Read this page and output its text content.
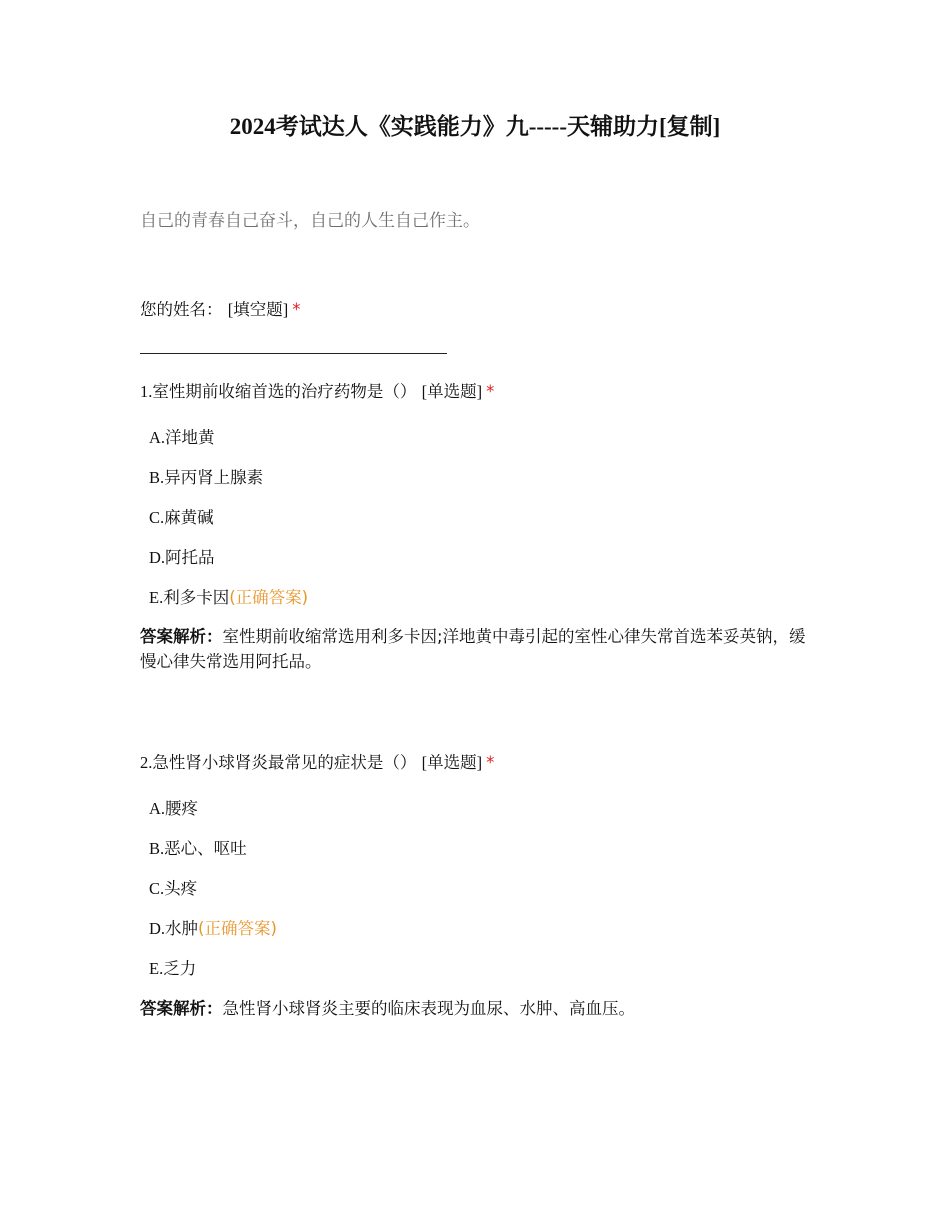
2024考试达人《实践能力》九-----天辅助力[复制]
自己的青春自己奋斗，自己的人生自己作主。
您的姓名： [填空题] *
1.室性期前收缩首选的治疗药物是（） [单选题] *
A.洋地黄
B.异丙肾上腺素
C.麻黄碱
D.阿托品
E.利多卡因(正确答案)
答案解析：室性期前收缩常选用利多卡因;洋地黄中毒引起的室性心律失常首选苯妥英钠，缓慢心律失常选用阿托品。
2.急性肾小球肾炎最常见的症状是（） [单选题] *
A.腰疼
B.恶心、呕吐
C.头疼
D.水肿(正确答案)
E.乏力
答案解析：急性肾小球肾炎主要的临床表现为血尿、水肿、高血压。
